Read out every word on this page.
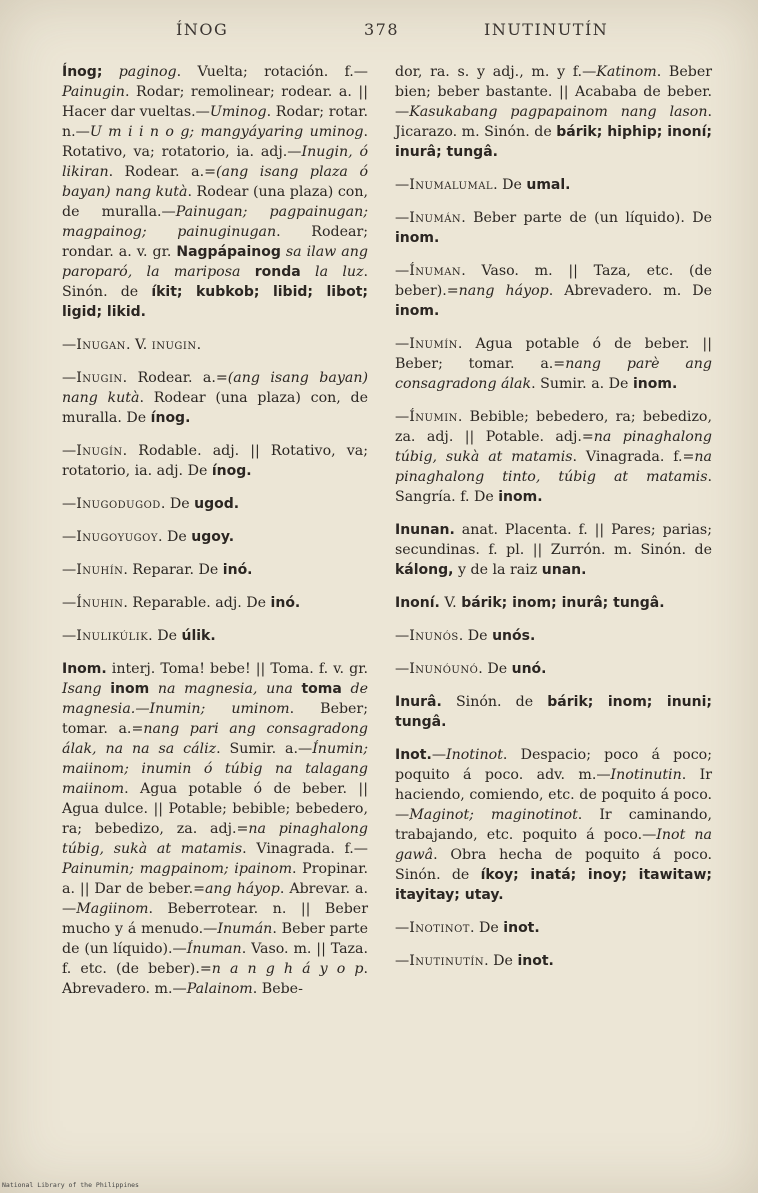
ÍNOG	378	INUTINUTÍN

Ínog; paginog. Vuelta; rotación. f.—Painugin. Rodar; remolinear; rodear. a. || Hacer dar vueltas.—Uminog. Rodar; rotar. n.—U m i i n o g; mangyáyaring uminog. Rotativo, va; rotatorio, ia. adj.—Inugin, ó likiran. Rodear. a.=(ang isang plaza ó bayan) nang kutà. Rodear (una plaza) con, de muralla.—Painugan; pagpainugan; magpainog; painuginugan. Rodear; rondar. a. v. gr. Nagpápainog sa ilaw ang paroparó, la mariposa ronda la luz. Sinón. de íkit; kubkob; libid; libot; ligid; likid.

—Inugan. V. inugin.

—Inugin. Rodear. a.=(ang isang bayan) nang kutà. Rodear (una plaza) con, de muralla. De ínog.

—Inugín. Rodable. adj. || Rotativo, va; rotatorio, ia. adj. De ínog.

—Inugodugod. De ugod.

—Inugoyugoy. De ugoy.

—Inuhín. Reparar. De inó.

—Ínuhin. Reparable. adj. De inó.

—Inulikúlik. De úlik.

Inom. interj. Toma! bebe! || Toma. f. v. gr. Isang inom na magnesia, una toma de magnesia.—Inumin; uminom. Beber; tomar. a.=nang pari ang consagradong álak, na na sa cáliz. Sumir. a.—Ínumin; maiinom; inumin ó túbig na talagang maiinom. Agua potable ó de beber. || Agua dulce. || Potable; bebible; bebedero, ra; bebedizo, za. adj.=na pinaghalong túbig, sukà at matamis. Vinagrada. f.—Painumin; magpainom; ipainom. Propinar. a. || Dar de beber.=ang háyop. Abrevar. a.—Magiinom. Beberrotear. n. || Beber mucho y á menudo.—Inumán. Beber parte de (un líquido).—Ínuman. Vaso. m. || Taza. f. etc. (de beber).=n a n g h á y o p. Abrevadero. m.—Palainom. Bebe-

dor, ra. s. y adj., m. y f.—Katinom. Beber bien; beber bastante. || Acababa de beber.—Kasukabang pagpapainom nang lason. Jicarazo. m. Sinón. de bárik; hiphip; inoní; inurâ; tungâ.

—Inumalumal. De umal.

—Inumán. Beber parte de (un líquido). De inom.

—Ínuman. Vaso. m. || Taza, etc. (de beber).=nang háyop. Abrevadero. m. De inom.

—Inumín. Agua potable ó de beber. || Beber; tomar. a.=nang parè ang consagradong álak. Sumir. a. De inom.

—Ínumin. Bebible; bebedero, ra; bebedizo, za. adj. || Potable. adj.=na pinaghalong túbig, sukà at matamis. Vinagrada. f.=na pinaghalong tinto, túbig at matamis. Sangría. f. De inom.

Inunan. anat. Placenta. f. || Pares; parias; secundinas. f. pl. || Zurrón. m. Sinón. de kálong, y de la raiz unan.

Inoní. V. bárik; inom; inurâ; tungâ.

—Inunós. De unós.

—Inunóunó. De unó.

Inurâ. Sinón. de bárik; inom; inuni; tungâ.

Inot.—Inotinot. Despacio; poco á poco; poquito á poco. adv. m.—Inotinutin. Ir haciendo, comiendo, etc. de poquito á poco.—Maginot; maginotinot. Ir caminando, trabajando, etc. poquito á poco.—Inot na gawâ. Obra hecha de poquito á poco. Sinón. de íkoy; inatá; inoy; itawitaw; itayitay; utay.

—Inotinot. De inot.

—Inutinutín. De inot.

National Library of the Philippines
